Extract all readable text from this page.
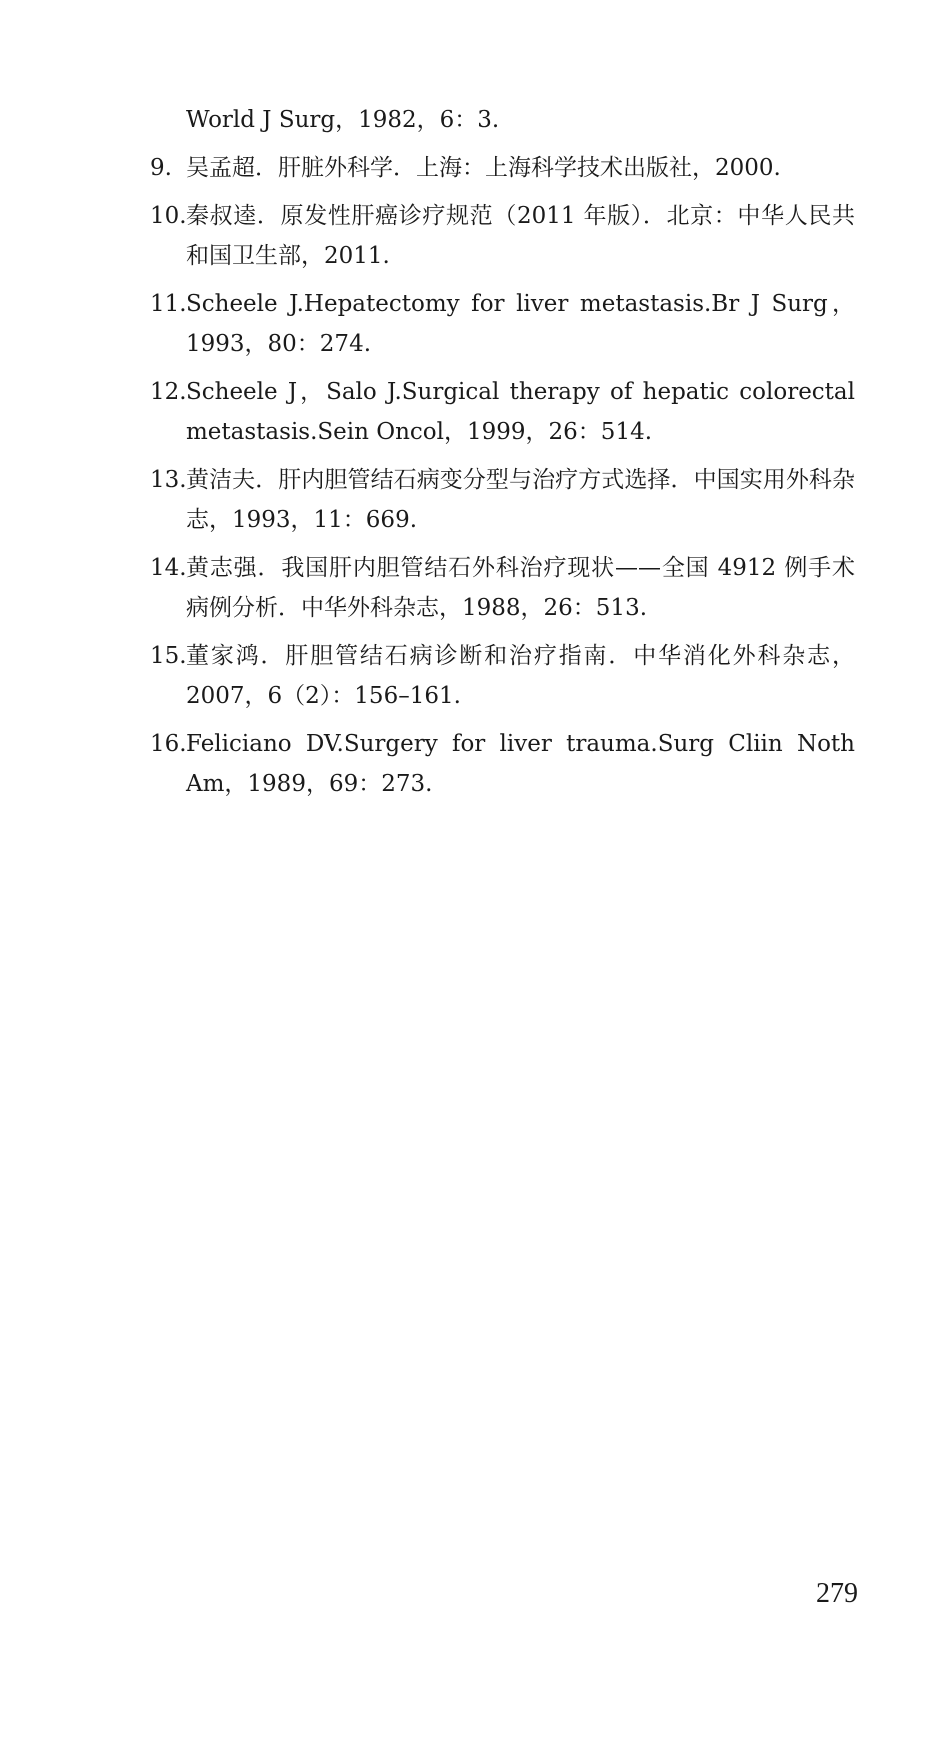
World J Surg，1982，6：3.
9. 吴孟超．肝脏外科学．上海：上海科学技术出版社，2000.
10. 秦叔逵．原发性肝癌诊疗规范（2011 年版）．北京：中华人民共和国卫生部，2011.
11. Scheele J.Hepatectomy for liver metastasis.Br J Surg，1993，80：274.
12. Scheele J，Salo J.Surgical therapy of hepatic colorectal metastasis.Sein Oncol，1999，26：514.
13. 黄洁夫．肝内胆管结石病变分型与治疗方式选择．中国实用外科杂志，1993，11：669.
14. 黄志强．我国肝内胆管结石外科治疗现状——全国 4912 例手术病例分析．中华外科杂志，1988，26：513.
15. 董家鸿．肝胆管结石病诊断和治疗指南．中华消化外科杂志，2007，6（2）：156–161.
16. Feliciano DV.Surgery for liver trauma.Surg Cliin Noth Am，1989，69：273.
279
